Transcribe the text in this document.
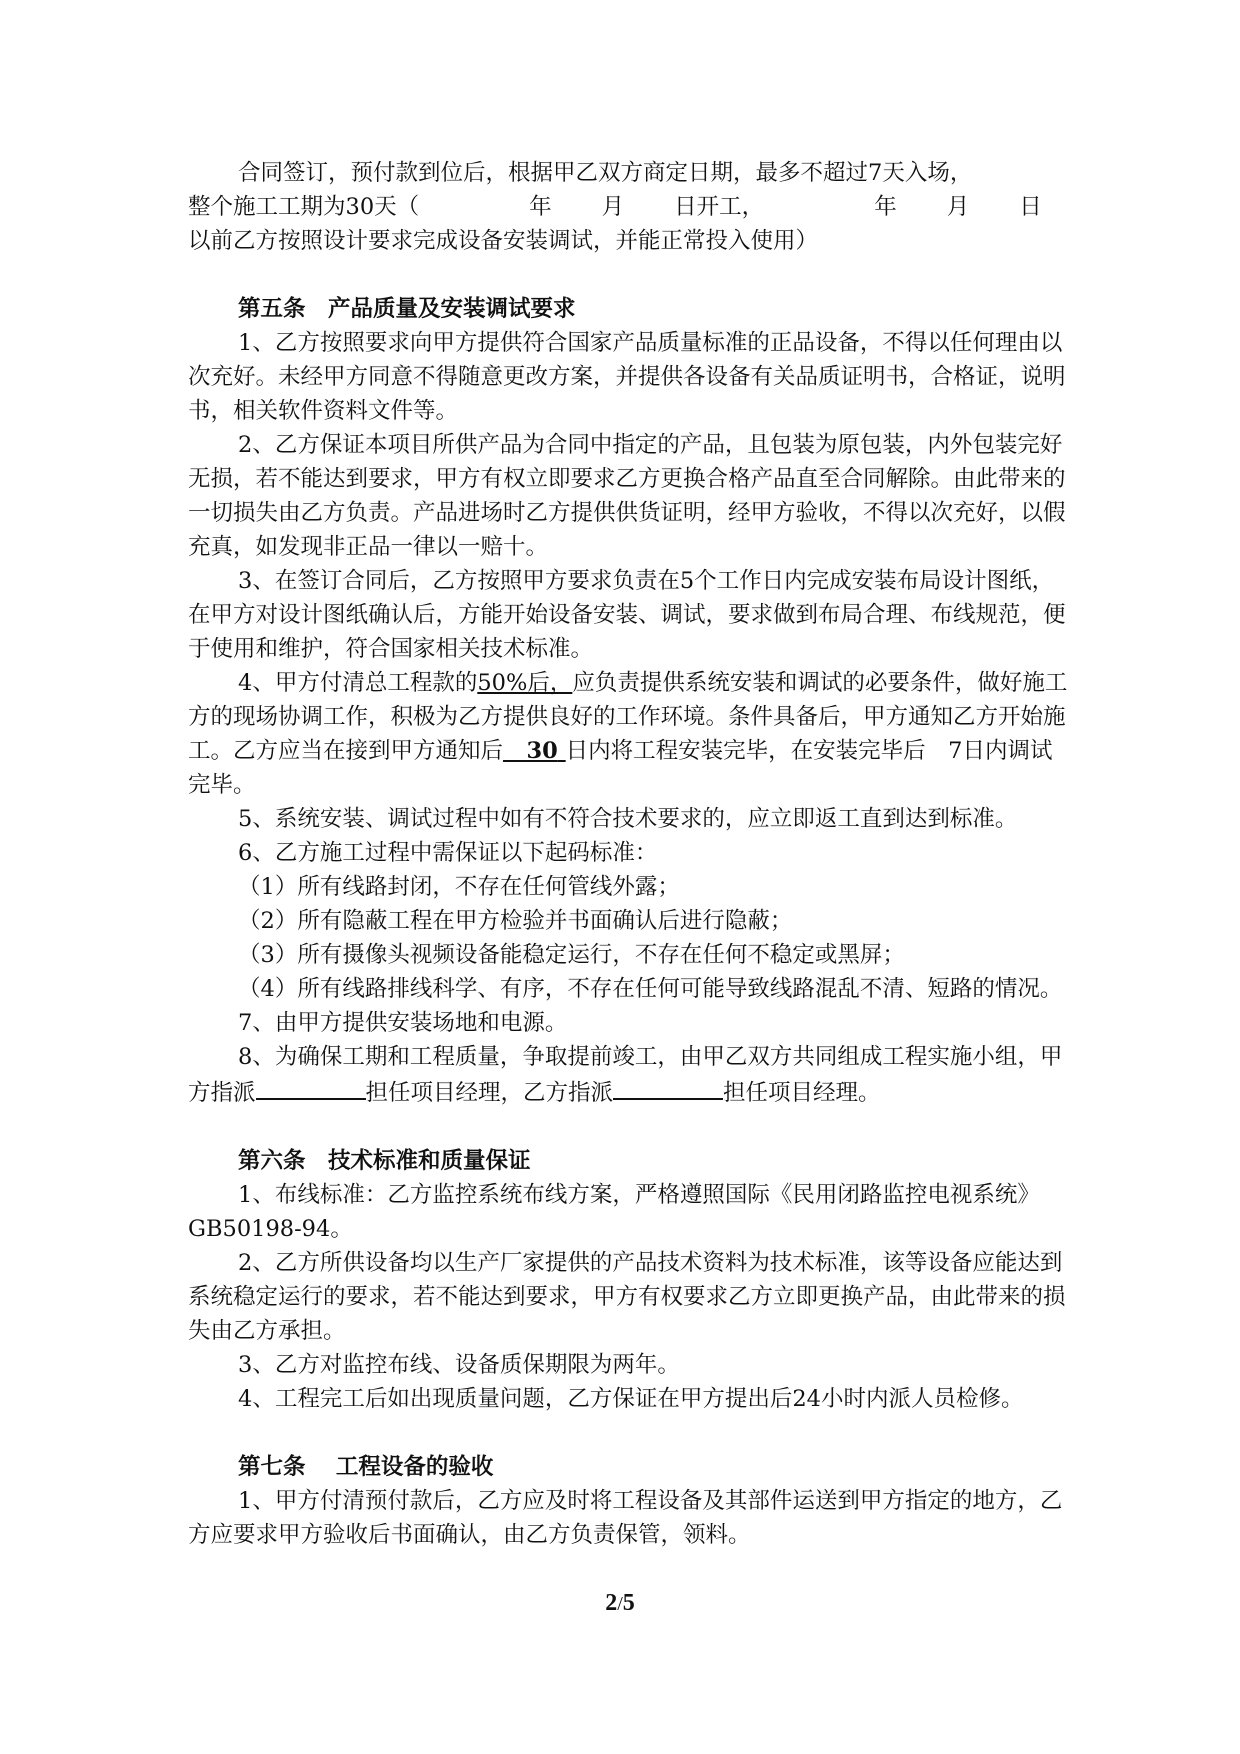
合同签订，预付款到位后，根据甲乙双方商定日期，最多不超过7天入场，

整个施工工期为30天（	年 月 日开工，	年 月 日

以前乙方按照设计要求完成设备安装调试，并能正常投入使用）

第五条　产品质量及安装调试要求

1、乙方按照要求向甲方提供符合国家产品质量标准的正品设备，不得以任何理由以次充好。未经甲方同意不得随意更改方案，并提供各设备有关品质证明书，合格证，说明书，相关软件资料文件等。

2、乙方保证本项目所供产品为合同中指定的产品，且包装为原包装，内外包装完好无损，若不能达到要求，甲方有权立即要求乙方更换合格产品直至合同解除。由此带来的一切损失由乙方负责。产品进场时乙方提供供货证明，经甲方验收，不得以次充好，以假充真，如发现非正品一律以一赔十。

3、在签订合同后，乙方按照甲方要求负责在5个工作日内完成安装布局设计图纸，在甲方对设计图纸确认后，方能开始设备安装、调试，要求做到布局合理、布线规范，便于使用和维护，符合国家相关技术标准。

4、甲方付清总工程款的50%后，应负责提供系统安装和调试的必要条件，做好施工方的现场协调工作，积极为乙方提供良好的工作环境。条件具备后，甲方通知乙方开始施工。乙方应当在接到甲方通知后 30 日内将工程安装完毕，在安装完毕后　7日内调试完毕。

5、系统安装、调试过程中如有不符合技术要求的，应立即返工直到达到标准。

6、乙方施工过程中需保证以下起码标准：

（1）所有线路封闭，不存在任何管线外露；

（2）所有隐蔽工程在甲方检验并书面确认后进行隐蔽；

（3）所有摄像头视频设备能稳定运行，不存在任何不稳定或黑屏；

（4）所有线路排线科学、有序，不存在任何可能导致线路混乱不清、短路的情况。

7、由甲方提供安装场地和电源。

8、为确保工期和工程质量，争取提前竣工，由甲乙双方共同组成工程实施小组，甲方指派	担任项目经理，乙方指派	担任项目经理。

第六条　技术标准和质量保证

1、布线标准：乙方监控系统布线方案，严格遵照国际《民用闭路监控电视系统》GB50198-94。

2、乙方所供设备均以生产厂家提供的产品技术资料为技术标准，该等设备应能达到系统稳定运行的要求，若不能达到要求，甲方有权要求乙方立即更换产品，由此带来的损失由乙方承担。

3、乙方对监控布线、设备质保期限为两年。

4、工程完工后如出现质量问题，乙方保证在甲方提出后24小时内派人员检修。

第七条　 工程设备的验收

1、甲方付清预付款后，乙方应及时将工程设备及其部件运送到甲方指定的地方，乙方应要求甲方验收后书面确认，由乙方负责保管，领料。

2/5
